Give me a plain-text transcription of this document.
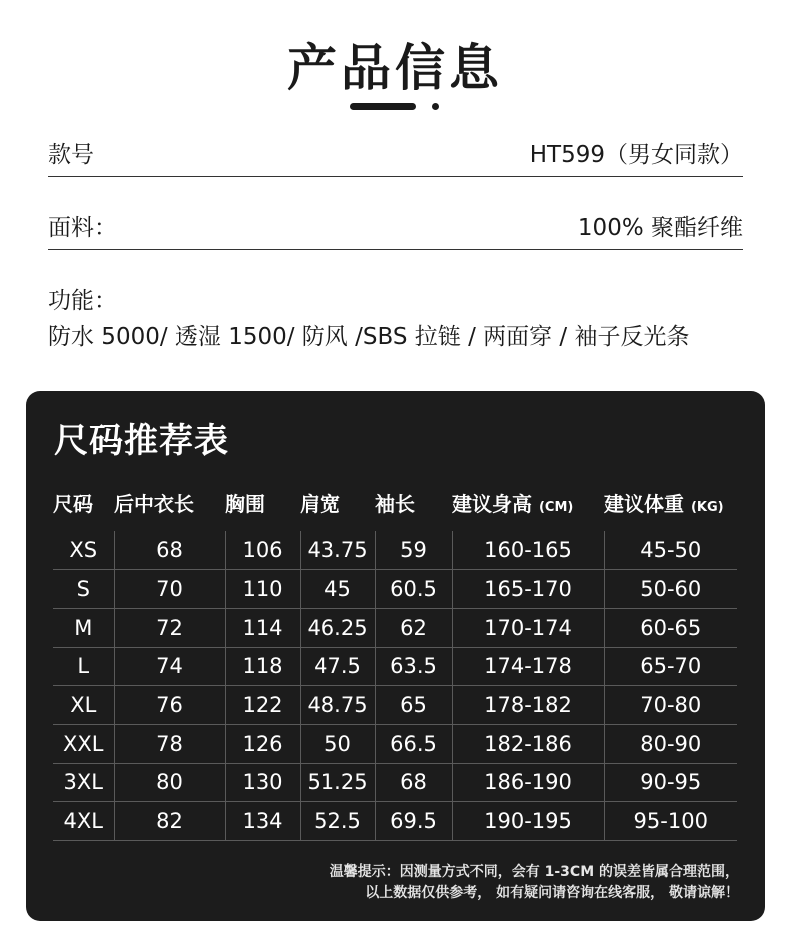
产品信息
款号	HT599（男女同款）
面料：	100% 聚酯纤维
功能：
防水 5000/ 透湿 1500/ 防风 /SBS 拉链 / 两面穿 / 袖子反光条
尺码推荐表
尺码	后中衣长	胸围	肩宽	袖长	建议身高 (CM)	建议体重 (KG)
XS	68	106	43.75	59	160-165	45-50
S	70	110	45	60.5	165-170	50-60
M	72	114	46.25	62	170-174	60-65
L	74	118	47.5	63.5	174-178	65-70
XL	76	122	48.75	65	178-182	70-80
XXL	78	126	50	66.5	182-186	80-90
3XL	80	130	51.25	68	186-190	90-95
4XL	82	134	52.5	69.5	190-195	95-100
温馨提示：因测量方式不同，会有 1-3CM 的误差皆属合理范围，
以上数据仅供参考， 如有疑问请咨询在线客服， 敬请谅解！
